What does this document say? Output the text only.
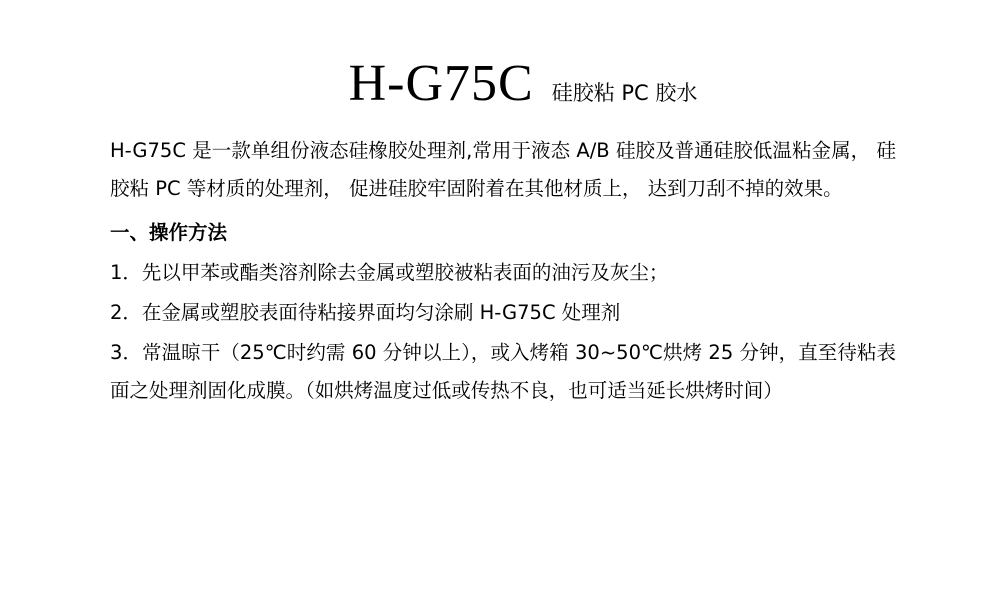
H-G75C 硅胶粘 PC 胶水

H-G75C 是一款单组份液态硅橡胶处理剂,常用于液态 A/B 硅胶及普通硅胶低温粘金属， 硅胶粘 PC 等材质的处理剂， 促进硅胶牢固附着在其他材质上， 达到刀刮不掉的效果。

一、操作方法

1．先以甲苯或酯类溶剂除去金属或塑胶被粘表面的油污及灰尘；

2．在金属或塑胶表面待粘接界面均匀涂刷 H-G75C 处理剂

3．常温晾干（25℃时约需 60 分钟以上），或入烤箱 30~50℃烘烤 25 分钟，直至待粘表面之处理剂固化成膜。（如烘烤温度过低或传热不良，也可适当延长烘烤时间）
